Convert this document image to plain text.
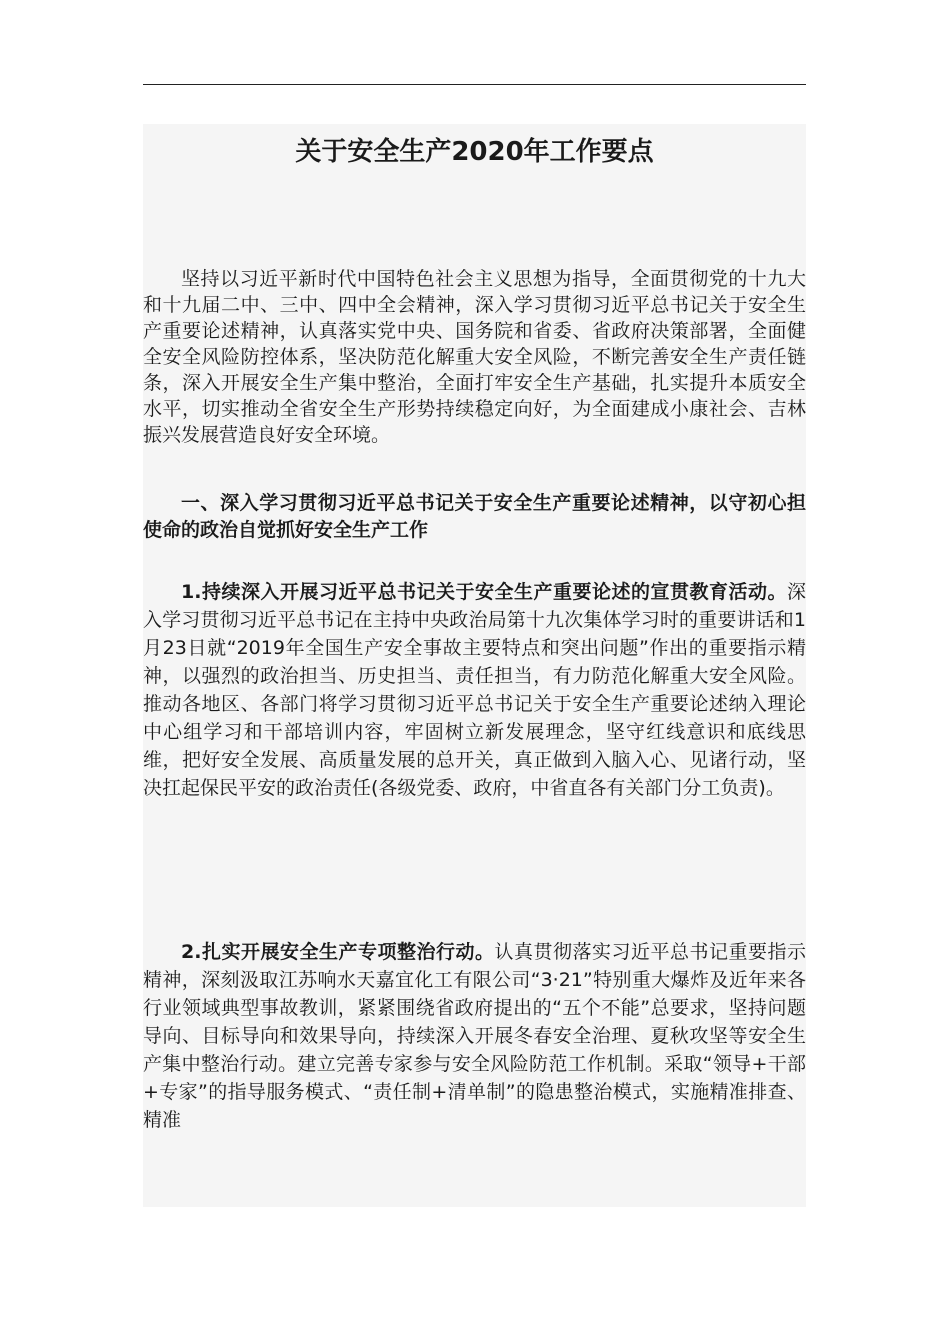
关于安全生产2020年工作要点

坚持以习近平新时代中国特色社会主义思想为指导，全面贯彻党的十九大和十九届二中、三中、四中全会精神，深入学习贯彻习近平总书记关于安全生产重要论述精神，认真落实党中央、国务院和省委、省政府决策部署，全面健全安全风险防控体系，坚决防范化解重大安全风险，不断完善安全生产责任链条，深入开展安全生产集中整治，全面打牢安全生产基础，扎实提升本质安全水平，切实推动全省安全生产形势持续稳定向好，为全面建成小康社会、吉林振兴发展营造良好安全环境。

一、深入学习贯彻习近平总书记关于安全生产重要论述精神，以守初心担使命的政治自觉抓好安全生产工作

1.持续深入开展习近平总书记关于安全生产重要论述的宣贯教育活动。深入学习贯彻习近平总书记在主持中央政治局第十九次集体学习时的重要讲话和1月23日就“2019年全国生产安全事故主要特点和突出问题”作出的重要指示精神，以强烈的政治担当、历史担当、责任担当，有力防范化解重大安全风险。推动各地区、各部门将学习贯彻习近平总书记关于安全生产重要论述纳入理论中心组学习和干部培训内容，牢固树立新发展理念，坚守红线意识和底线思维，把好安全发展、高质量发展的总开关，真正做到入脑入心、见诸行动，坚决扛起保民平安的政治责任(各级党委、政府，中省直各有关部门分工负责)。

2.扎实开展安全生产专项整治行动。认真贯彻落实习近平总书记重要指示精神，深刻汲取江苏响水天嘉宜化工有限公司“3·21”特别重大爆炸及近年来各行业领域典型事故教训，紧紧围绕省政府提出的“五个不能”总要求，坚持问题导向、目标导向和效果导向，持续深入开展冬春安全治理、夏秋攻坚等安全生产集中整治行动。建立完善专家参与安全风险防范工作机制。采取“领导+干部+专家”的指导服务模式、“责任制+清单制”的隐患整治模式，实施精准排查、精准
